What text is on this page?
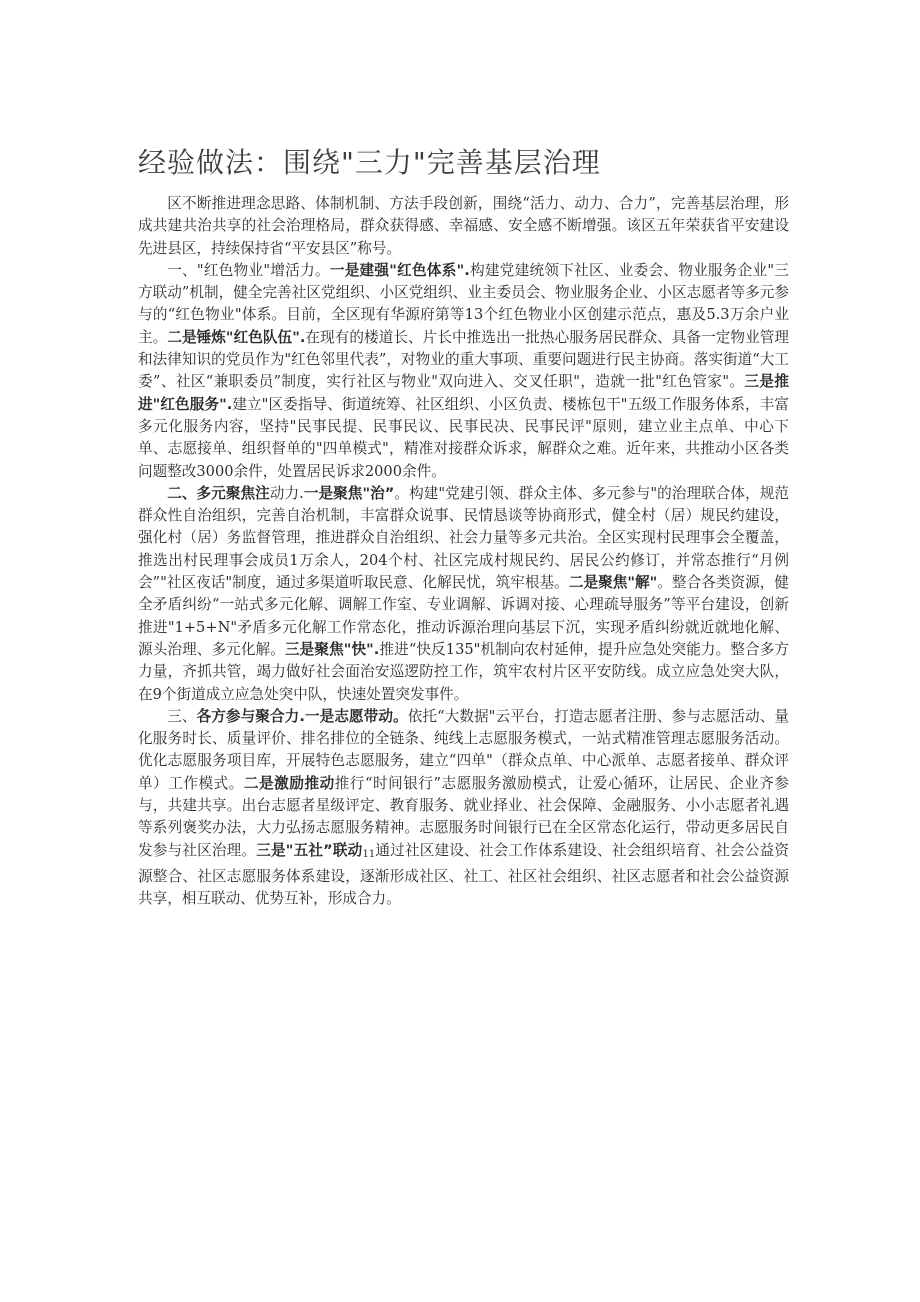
经验做法：围绕"三力"完善基层治理

区不断推进理念思路、体制机制、方法手段创新，围绕“活力、动力、合力”，完善基层治理，形成共建共治共享的社会治理格局，群众获得感、幸福感、安全感不断增强。该区五年荣获省平安建设先进县区，持续保持省“平安县区”称号。

一、"红色物业"增活力。一是建强"红色体系".构建党建统领下社区、业委会、物业服务企业"三方联动”机制，健全完善社区党组织、小区党组织、业主委员会、物业服务企业、小区志愿者等多元参与的“红色物业"体系。目前，全区现有华源府第等13个红色物业小区创建示范点，惠及5.3万余户业主。二是锤炼"红色队伍".在现有的楼道长、片长中推选出一批热心服务居民群众、具备一定物业管理和法律知识的党员作为"红色邻里代表”，对物业的重大事项、重要问题进行民主协商。落实街道“大工委”、社区“兼职委员”制度，实行社区与物业"双向进入、交叉任职"，造就一批"红色管家"。三是推进"红色服务".建立"区委指导、街道统筹、社区组织、小区负责、楼栋包干"五级工作服务体系，丰富多元化服务内容，坚持"民事民提、民事民议、民事民决、民事民评"原则，建立业主点单、中心下单、志愿接单、组织督单的"四单模式"，精准对接群众诉求，解群众之难。近年来，共推动小区各类问题整改3000余件，处置居民诉求2000余件。

二、多元聚焦注动力.一是聚焦"治”。构建"党建引领、群众主体、多元参与"的治理联合体，规范群众性自治组织，完善自治机制，丰富群众说事、民情恳谈等协商形式，健全村（居）规民约建设，强化村（居）务监督管理，推进群众自治组织、社会力量等多元共治。全区实现村民理事会全覆盖，推选出村民理事会成员1万余人，204个村、社区完成村规民约、居民公约修订，并常态推行“月例会”"社区夜话"制度，通过多渠道听取民意、化解民忧，筑牢根基。二是聚焦"解"。整合各类资源，健全矛盾纠纷“一站式多元化解、调解工作室、专业调解、诉调对接、心理疏导服务”等平台建设，创新推进"1+5+N"矛盾多元化解工作常态化，推动诉源治理向基层下沉，实现矛盾纠纷就近就地化解、源头治理、多元化解。三是聚焦"快".推进“快反135"机制向农村延伸，提升应急处突能力。整合多方力量，齐抓共管，竭力做好社会面治安巡逻防控工作，筑牢农村片区平安防线。成立应急处突大队，在9个街道成立应急处突中队，快速处置突发事件。

三、各方参与聚合力.一是志愿带动。依托“大数据"云平台，打造志愿者注册、参与志愿活动、量化服务时长、质量评价、排名排位的全链条、纯线上志愿服务模式，一站式精准管理志愿服务活动。优化志愿服务项目库，开展特色志愿服务，建立“四单"（群众点单、中心派单、志愿者接单、群众评单）工作模式。二是激励推动推行“时间银行”志愿服务激励模式，让爱心循环，让居民、企业齐参与，共建共享。出台志愿者星级评定、教育服务、就业择业、社会保障、金融服务、小小志愿者礼遇等系列褒奖办法，大力弘扬志愿服务精神。志愿服务时间银行已在全区常态化运行，带动更多居民自发参与社区治理。三是"五社”联动11通过社区建设、社会工作体系建设、社会组织培育、社会公益资源整合、社区志愿服务体系建设，逐渐形成社区、社工、社区社会组织、社区志愿者和社会公益资源共享，相互联动、优势互补，形成合力。
